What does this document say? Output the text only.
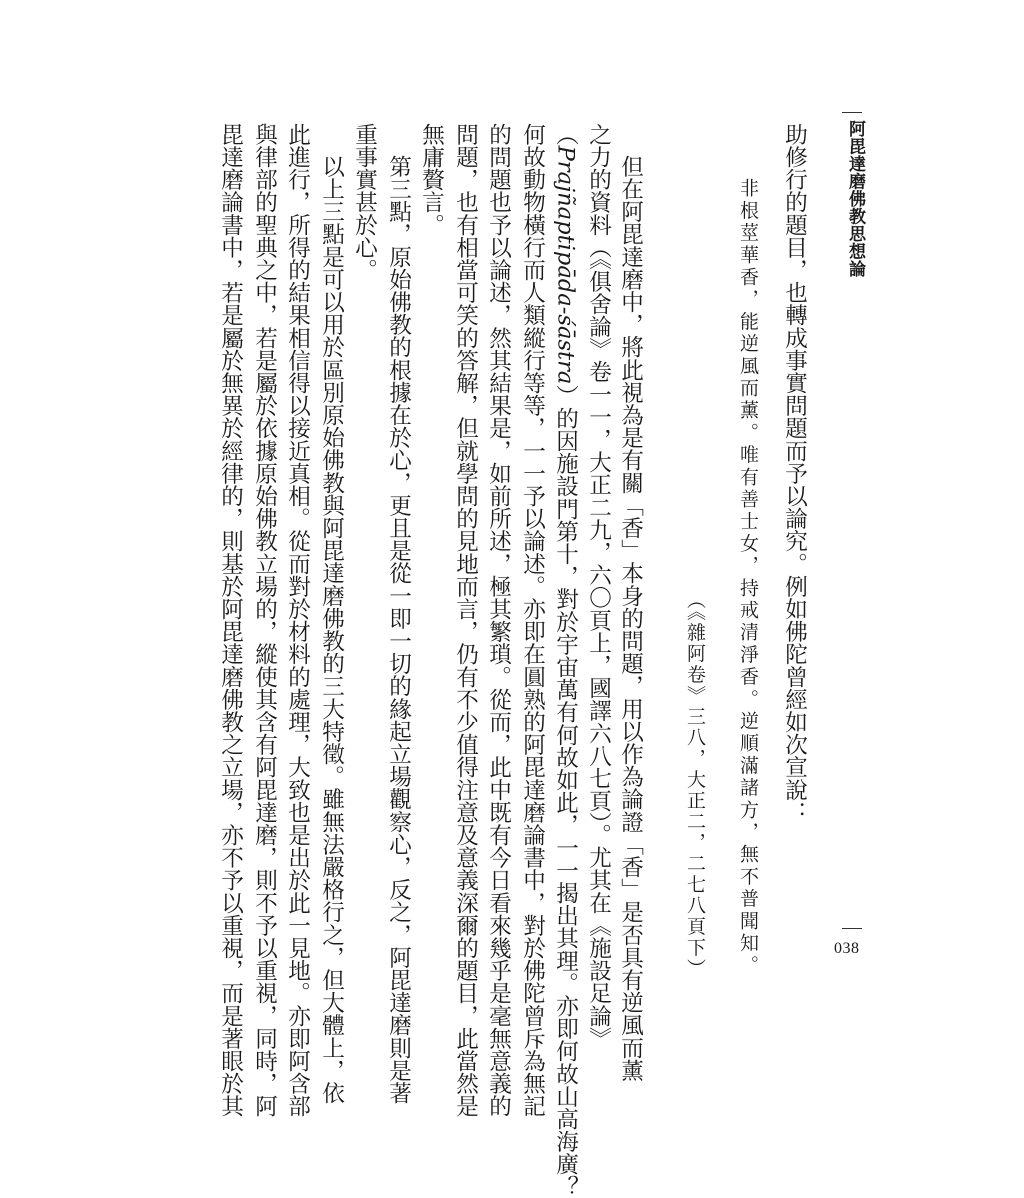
阿毘達磨佛教思想論
助修行的題目，也轉成事實問題而予以論究。例如佛陀曾經如次宣說：
非根莖華香，能逆風而薰。唯有善士女，持戒清淨香。逆順滿諸方，無不普聞知。
（《雜阿卷》三八，大正二，二七八頁下）
但在阿毘達磨中，將此視為是有關「香」本身的問題，用以作為論證「香」是否具有逆風而薰
之力的資料（《俱舍論》卷一一，大正二九，六〇頁上，國譯六八七頁）。尤其在《施設足論》
（Prajñaptipāda-śāstra）的因施設門第十，對於宇宙萬有何故如此，一一揭出其理。亦即何故山高海廣？
何故動物橫行而人類縱行等等，一一予以論述。亦即在圓熟的阿毘達磨論書中，對於佛陀曾斥為無記
的問題也予以論述，然其結果是，如前所述，極其繁瑣。從而，此中既有今日看來幾乎是毫無意義的
問題，也有相當可笑的答解，但就學問的見地而言，仍有不少值得注意及意義深爾的題目，此當然是
無庸贅言。
第三點，原始佛教的根據在於心，更且是從一即一切的緣起立場觀察心，反之，阿毘達磨則是著
重事實甚於心。
以上三點是可以用於區別原始佛教與阿毘達磨佛教的三大特徵。雖無法嚴格行之，但大體上，依
此進行，所得的結果相信得以接近真相。從而對於材料的處理，大致也是出於此一見地。亦即阿含部
與律部的聖典之中，若是屬於依據原始佛教立場的，縱使其含有阿毘達磨，則不予以重視，同時，阿
毘達磨論書中，若是屬於無異於經律的，則基於阿毘達磨佛教之立場，亦不予以重視，而是著眼於其	038
